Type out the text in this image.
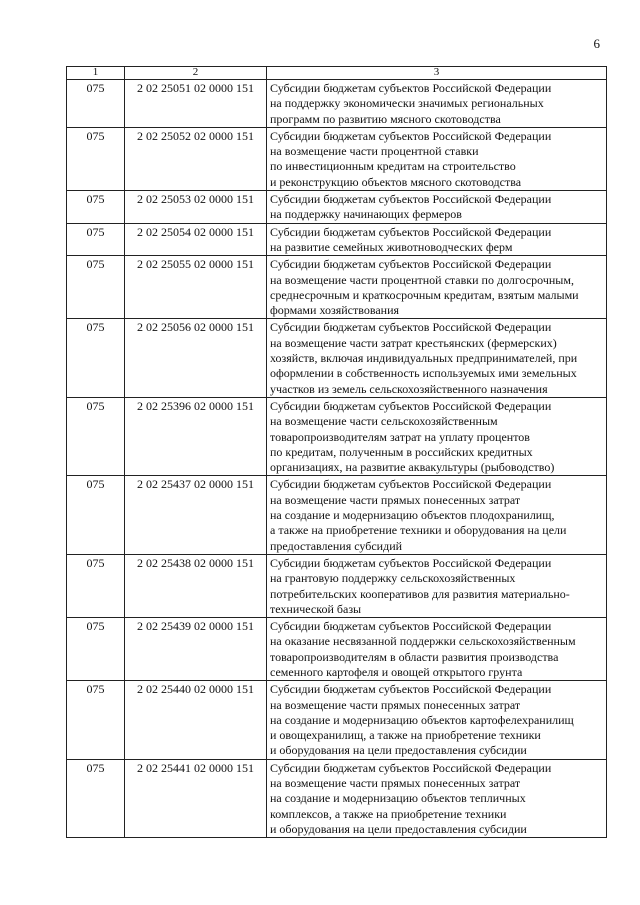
6
1	2	3
075	2 02 25051 02 0000 151	Субсидии бюджетам субъектов Российской Федерации
на поддержку экономически значимых региональных
программ по развитию мясного скотоводства

075	2 02 25052 02 0000 151	Субсидии бюджетам субъектов Российской Федерации
на возмещение части процентной ставки
по инвестиционным кредитам на строительство
и реконструкцию объектов мясного скотоводства

075	2 02 25053 02 0000 151	Субсидии бюджетам субъектов Российской Федерации
на поддержку начинающих фермеров

075	2 02 25054 02 0000 151	Субсидии бюджетам субъектов Российской Федерации
на развитие семейных животноводческих ферм

075	2 02 25055 02 0000 151	Субсидии бюджетам субъектов Российской Федерации
на возмещение части процентной ставки по долгосрочным,
среднесрочным и краткосрочным кредитам, взятым малыми
формами хозяйствования

075	2 02 25056 02 0000 151	Субсидии бюджетам субъектов Российской Федерации
на возмещение части затрат крестьянских (фермерских)
хозяйств, включая индивидуальных предпринимателей, при
оформлении в собственность используемых ими земельных
участков из земель сельскохозяйственного назначения

075	2 02 25396 02 0000 151	Субсидии бюджетам субъектов Российской Федерации
на возмещение части сельскохозяйственным
товаропроизводителям затрат на уплату процентов
по кредитам, полученным в российских кредитных
организациях, на развитие аквакультуры (рыбоводство)

075	2 02 25437 02 0000 151	Субсидии бюджетам субъектов Российской Федерации
на возмещение части прямых понесенных затрат
на создание и модернизацию объектов плодохранилищ,
а также на приобретение техники и оборудования на цели
предоставления субсидий

075	2 02 25438 02 0000 151	Субсидии бюджетам субъектов Российской Федерации
на грантовую поддержку сельскохозяйственных
потребительских кооперативов для развития материально-
технической базы

075	2 02 25439 02 0000 151	Субсидии бюджетам субъектов Российской Федерации
на оказание несвязанной поддержки сельскохозяйственным
товаропроизводителям в области развития производства
семенного картофеля и овощей открытого грунта

075	2 02 25440 02 0000 151	Субсидии бюджетам субъектов Российской Федерации
на возмещение части прямых понесенных затрат
на создание и модернизацию объектов картофелехранилищ
и овощехранилищ, а также на приобретение техники
и оборудования на цели предоставления субсидии

075	2 02 25441 02 0000 151	Субсидии бюджетам субъектов Российской Федерации
на возмещение части прямых понесенных затрат
на создание и модернизацию объектов тепличных
комплексов, а также на приобретение техники
и оборудования на цели предоставления субсидии
